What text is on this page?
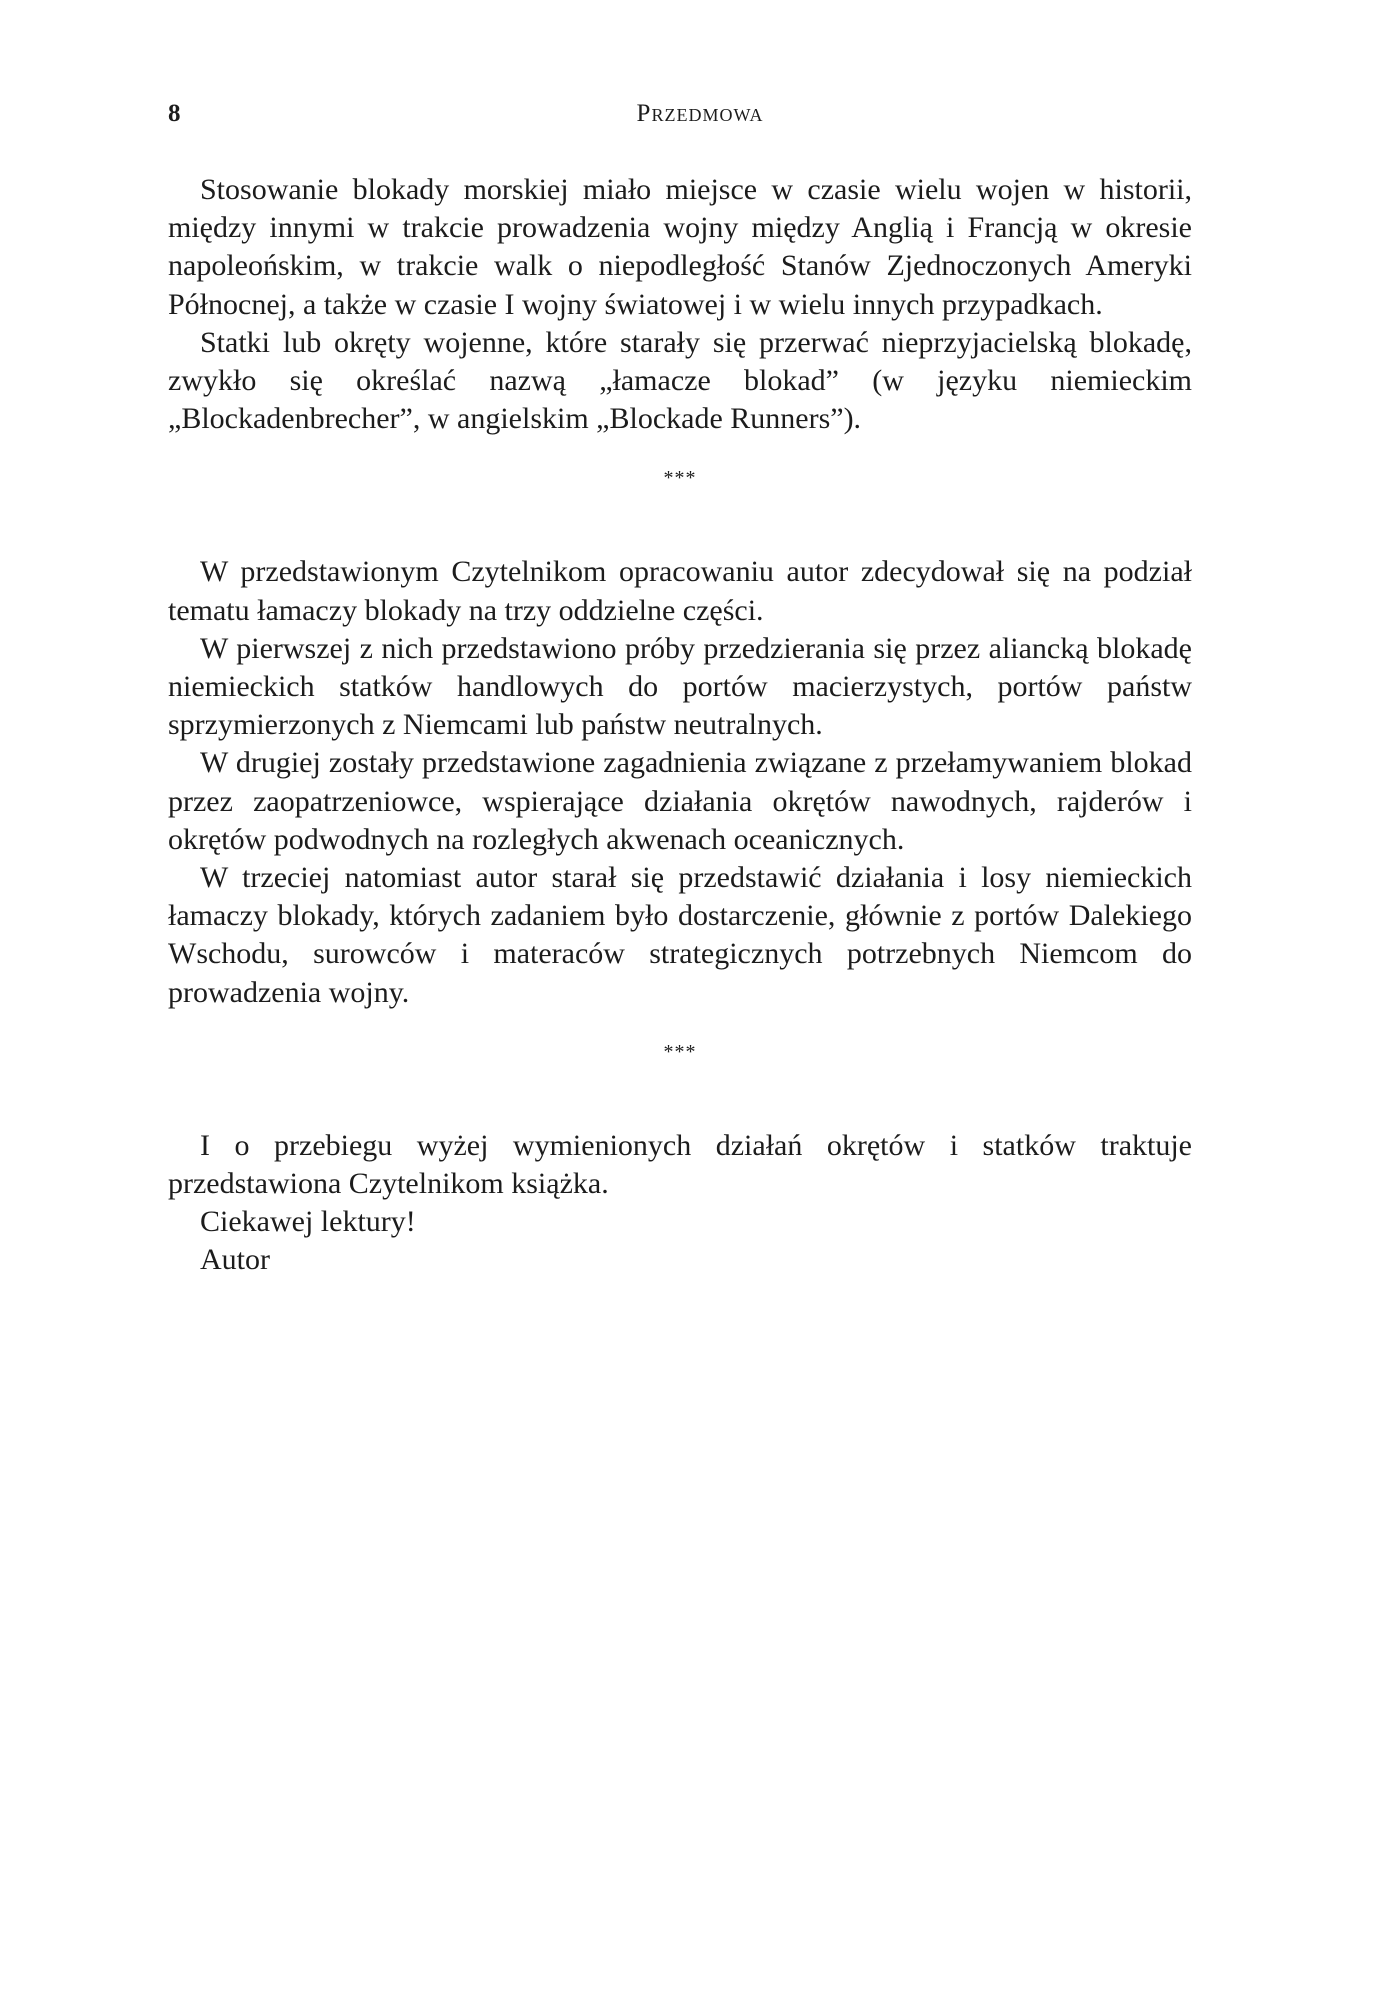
8	Przedmowa

Stosowanie blokady morskiej miało miejsce w czasie wielu wojen w historii, między innymi w trakcie prowadzenia wojny między Anglią i Francją w okresie napoleońskim, w trakcie walk o niepodległość Stanów Zjednoczonych Ameryki Północnej, a także w czasie I wojny światowej i w wielu innych przypadkach.

Statki lub okręty wojenne, które starały się przerwać nieprzyjacielską blokadę, zwykło się określać nazwą „łamacze blokad” (w języku niemieckim „Blockadenbrecher”, w angielskim „Blockade Runners”).

***

W przedstawionym Czytelnikom opracowaniu autor zdecydował się na podział tematu łamaczy blokady na trzy oddzielne części.

W pierwszej z nich przedstawiono próby przedzierania się przez aliancką blokadę niemieckich statków handlowych do portów macierzystych, portów państw sprzymierzonych z Niemcami lub państw neutralnych.

W drugiej zostały przedstawione zagadnienia związane z przełamywaniem blokad przez zaopatrzeniowce, wspierające działania okrętów nawodnych, rajderów i okrętów podwodnych na rozległych akwenach oceanicznych.

W trzeciej natomiast autor starał się przedstawić działania i losy niemieckich łamaczy blokady, których zadaniem było dostarczenie, głównie z portów Dalekiego Wschodu, surowców i materaców strategicznych potrzebnych Niemcom do prowadzenia wojny.

***

I o przebiegu wyżej wymienionych działań okrętów i statków traktuje przedstawiona Czytelnikom książka.

Ciekawej lektury!

Autor
